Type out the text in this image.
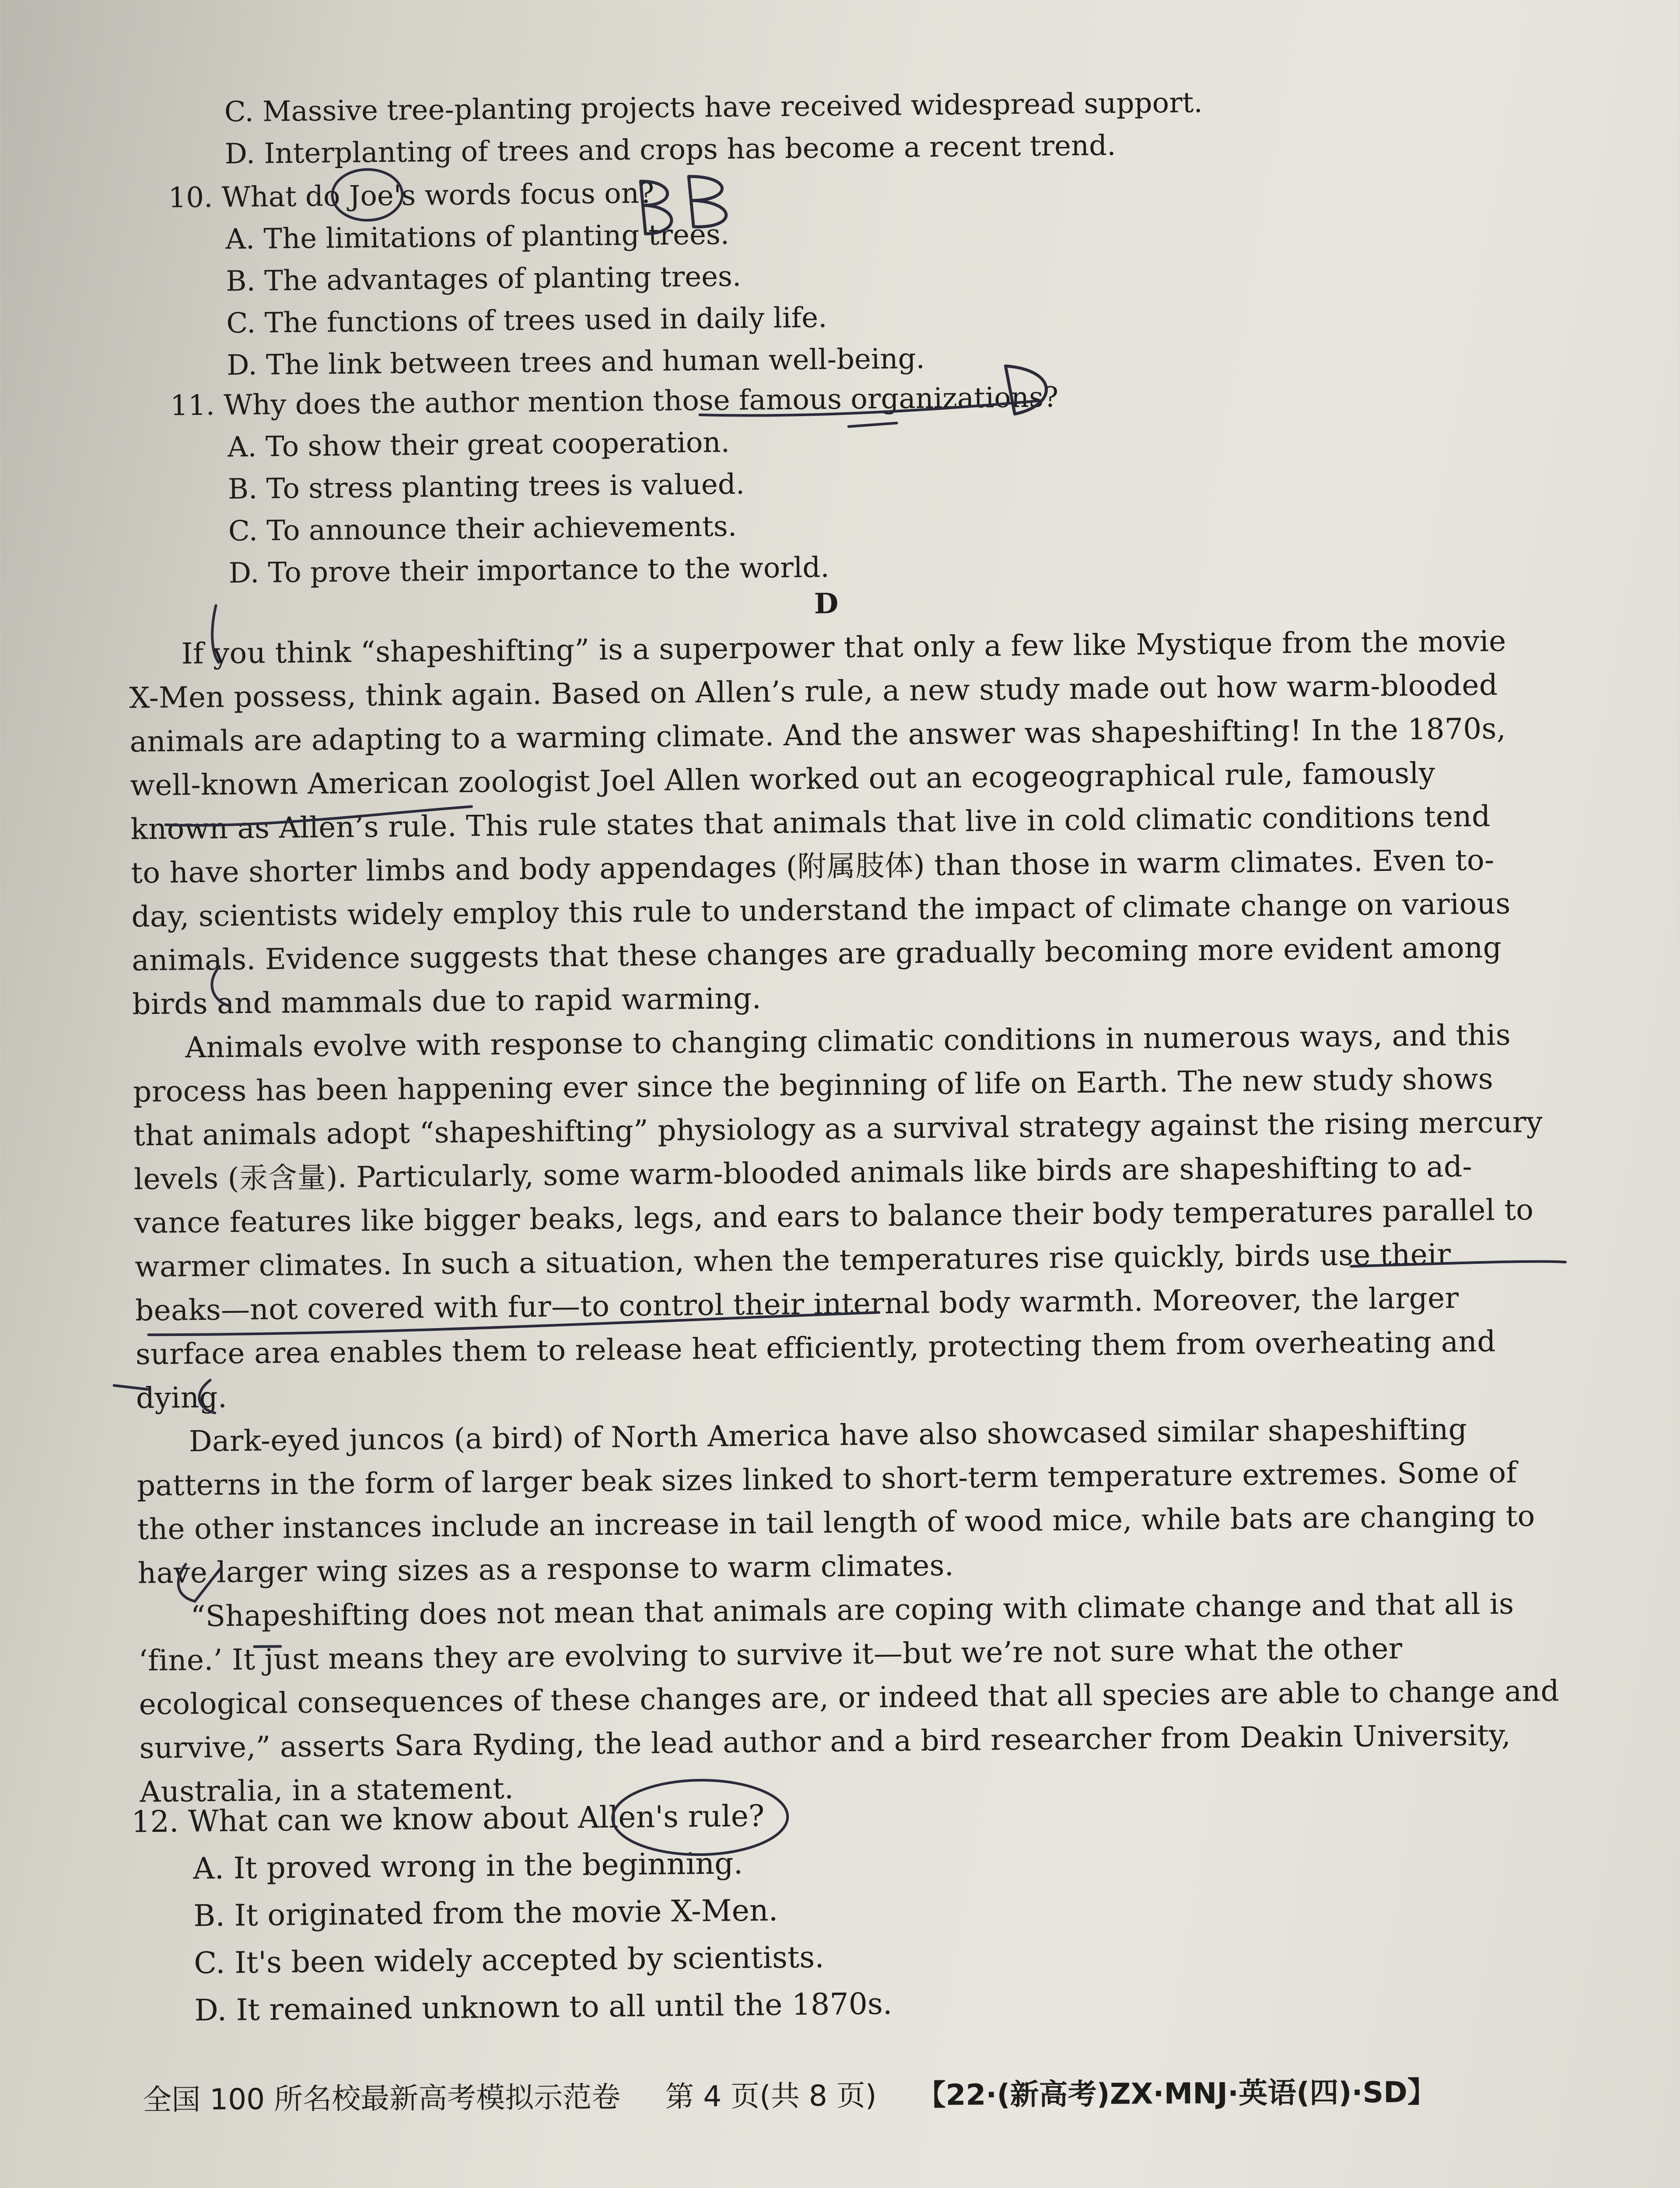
C. Massive tree-planting projects have received widespread support.
D. Interplanting of trees and crops has become a recent trend.
10. What do Joe's words focus on?
A. The limitations of planting trees.
B. The advantages of planting trees.
C. The functions of trees used in daily life.
D. The link between trees and human well-being.
11. Why does the author mention those famous organizations?
A. To show their great cooperation.
B. To stress planting trees is valued.
C. To announce their achievements.
D. To prove their importance to the world.
D
If you think “shapeshifting” is a superpower that only a few like Mystique from the movie
X-Men possess, think again. Based on Allen’s rule, a new study made out how warm-blooded
animals are adapting to a warming climate. And the answer was shapeshifting! In the 1870s,
well-known American zoologist Joel Allen worked out an ecogeographical rule, famously
known as Allen’s rule. This rule states that animals that live in cold climatic conditions tend
to have shorter limbs and body appendages (附属肢体) than those in warm climates. Even to-
day, scientists widely employ this rule to understand the impact of climate change on various
animals. Evidence suggests that these changes are gradually becoming more evident among
birds and mammals due to rapid warming.
Animals evolve with response to changing climatic conditions in numerous ways, and this
process has been happening ever since the beginning of life on Earth. The new study shows
that animals adopt “shapeshifting” physiology as a survival strategy against the rising mercury
levels (汞含量). Particularly, some warm-blooded animals like birds are shapeshifting to ad-
vance features like bigger beaks, legs, and ears to balance their body temperatures parallel to
warmer climates. In such a situation, when the temperatures rise quickly, birds use their
beaks—not covered with fur—to control their internal body warmth. Moreover, the larger
surface area enables them to release heat efficiently, protecting them from overheating and
dying.
Dark-eyed juncos (a bird) of North America have also showcased similar shapeshifting
patterns in the form of larger beak sizes linked to short-term temperature extremes. Some of
the other instances include an increase in tail length of wood mice, while bats are changing to
have larger wing sizes as a response to warm climates.
“Shapeshifting does not mean that animals are coping with climate change and that all is
‘fine.’ It just means they are evolving to survive it—but we’re not sure what the other
ecological consequences of these changes are, or indeed that all species are able to change and
survive,” asserts Sara Ryding, the lead author and a bird researcher from Deakin University,
Australia, in a statement.
12. What can we know about Allen's rule?
A. It proved wrong in the beginning.
B. It originated from the movie X-Men.
C. It's been widely accepted by scientists.
D. It remained unknown to all until the 1870s.
全国 100 所名校最新高考模拟示范卷 第 4 页(共 8 页) 【22·(新高考)ZX·MNJ·英语(四)·SD】
